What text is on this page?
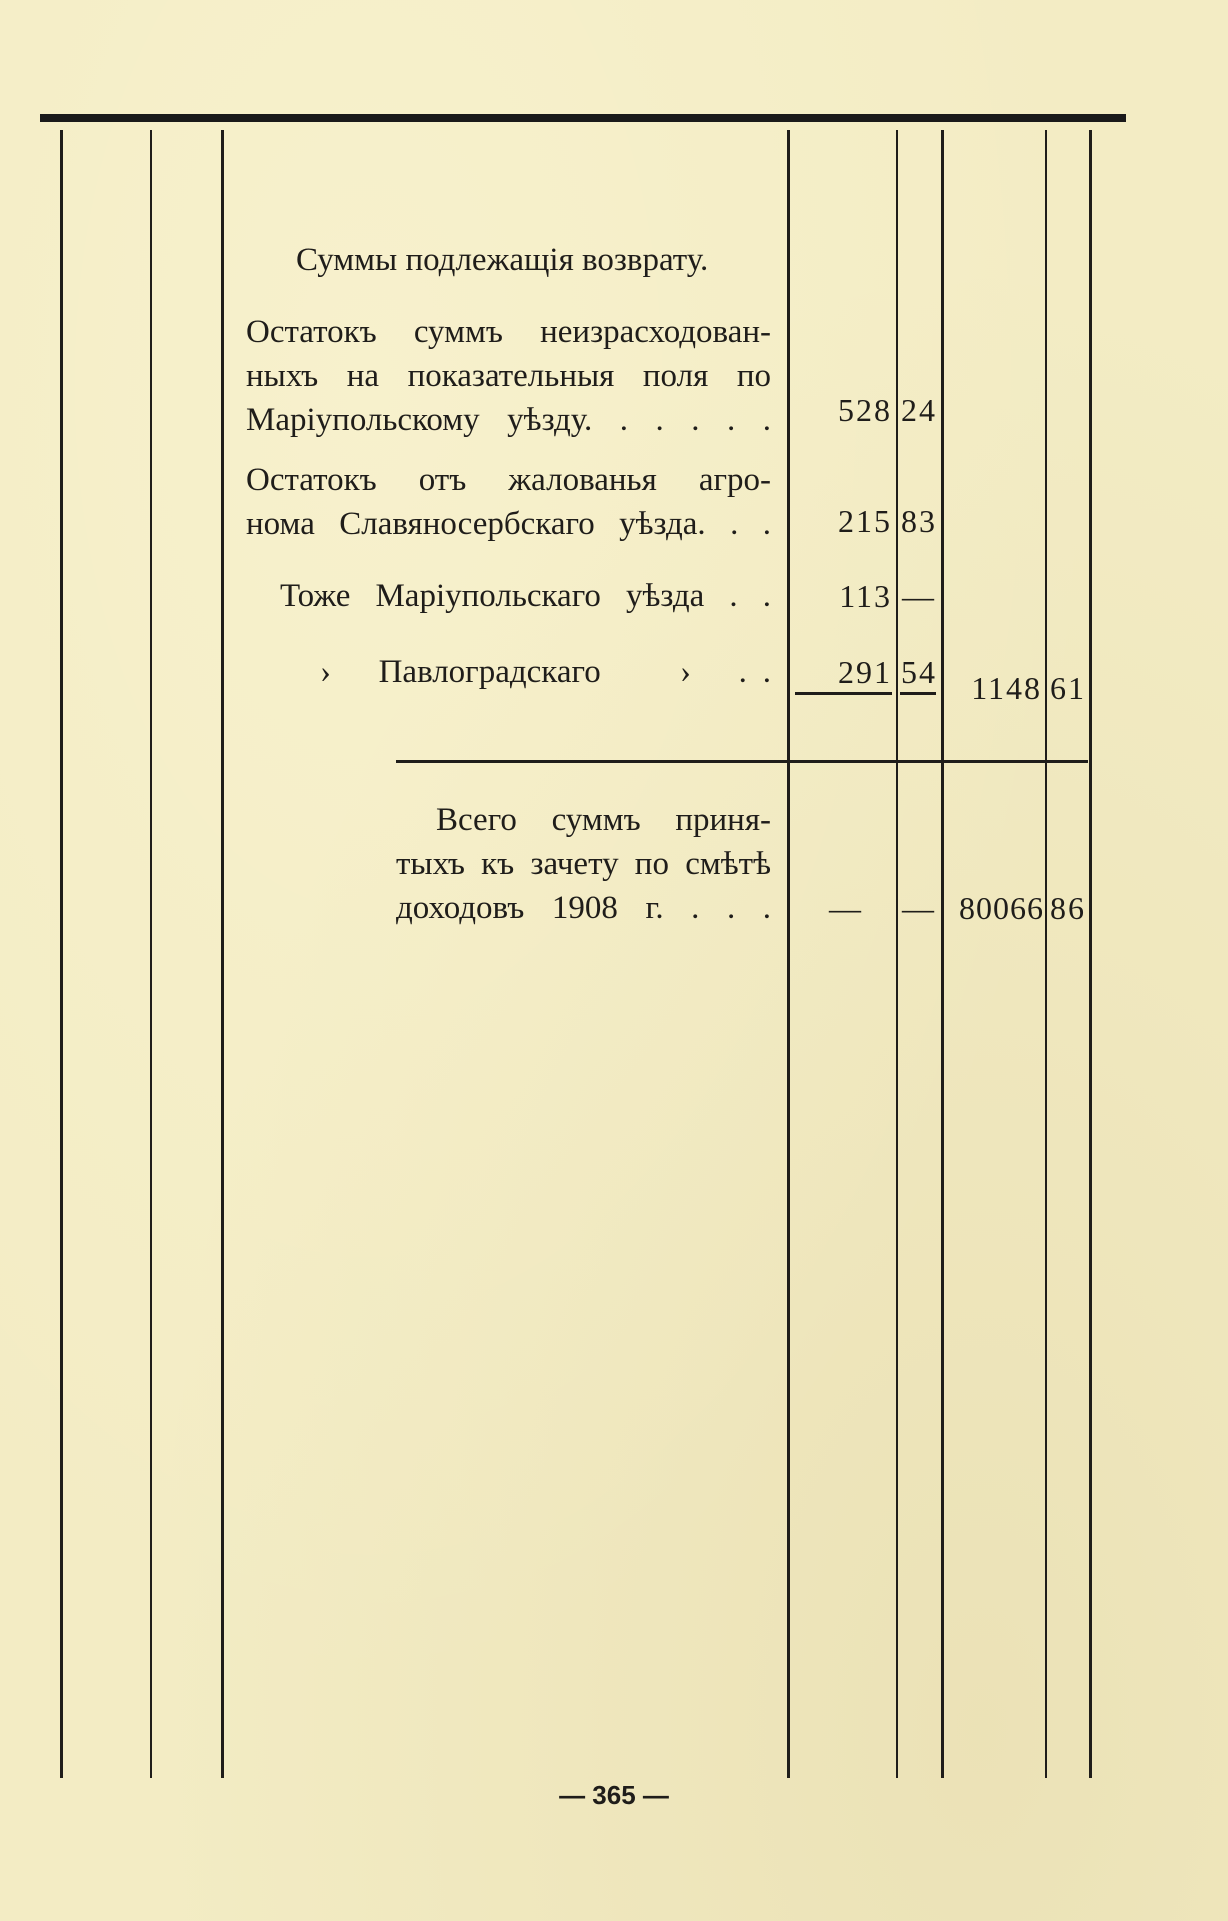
Суммы подлежащія возврату.
Остатокъ суммъ неизрасходован-
ныхъ на показательныя поля по
Маріупольскому уѣзду. . . . . .	528 24
Остатокъ отъ жалованья агро-
нома Славяносербскаго уѣзда. . .	215 83
Тоже Маріупольскаго уѣзда . .	113 —
›   Павлоградскаго     ›   . .	291 54	1148 61
Всего суммъ приня-
тыхъ къ зачету по смѣтѣ
доходовъ 1908 г. . . .	—	— 80066 86
— 365 —
